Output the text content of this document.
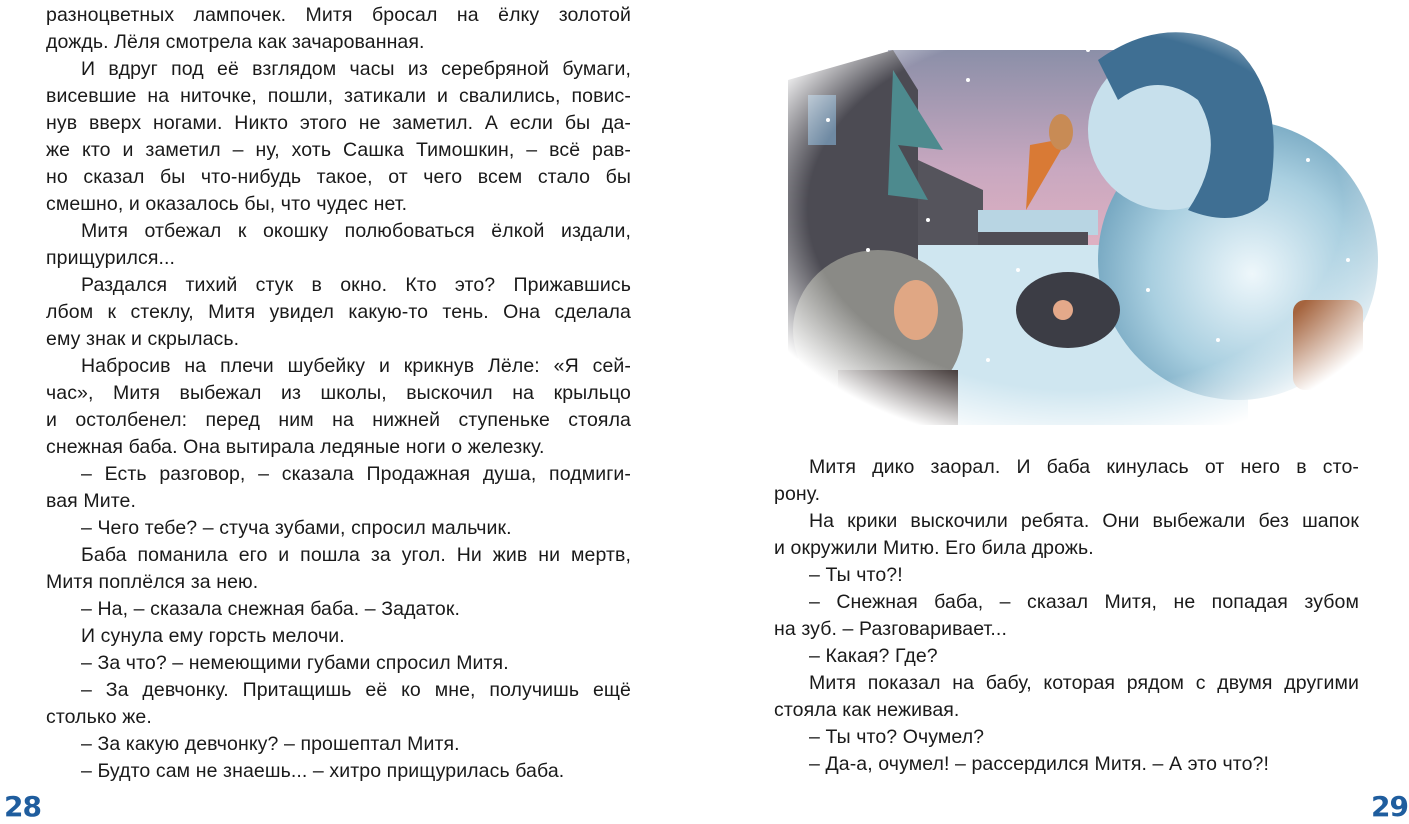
разноцветных лампочек. Митя бросал на ёлку золотой
дождь. Лёля смотрела как зачарованная.
И вдруг под её взглядом часы из серебряной бумаги,
висевшие на ниточке, пошли, затикали и свалились, повис-
нув вверх ногами. Никто этого не заметил. А если бы да-
же кто и заметил – ну, хоть Сашка Тимошкин, – всё рав-
но сказал бы что-нибудь такое, от чего всем стало бы
смешно, и оказалось бы, что чудес нет.
Митя отбежал к окошку полюбоваться ёлкой издали,
прищурился...
Раздался тихий стук в окно. Кто это? Прижавшись
лбом к стеклу, Митя увидел какую-то тень. Она сделала
ему знак и скрылась.
Набросив на плечи шубейку и крикнув Лёле: «Я сей-
час», Митя выбежал из школы, выскочил на крыльцо
и остолбенел: перед ним на нижней ступеньке стояла
снежная баба. Она вытирала ледяные ноги о железку.
– Есть разговор, – сказала Продажная душа, подмиги-
вая Мите.
– Чего тебе? – стуча зубами, спросил мальчик.
Баба поманила его и пошла за угол. Ни жив ни мертв,
Митя поплёлся за нею.
– На, – сказала снежная баба. – Задаток.
И сунула ему горсть мелочи.
– За что? – немеющими губами спросил Митя.
– За девчонку. Притащишь её ко мне, получишь ещё
столько же.
– За какую девчонку? – прошептал Митя.
– Будто сам не знаешь... – хитро прищурилась баба.
28
Митя дико заорал. И баба кинулась от него в сто-
рону.
На крики выскочили ребята. Они выбежали без шапок
и окружили Митю. Его била дрожь.
– Ты что?!
– Снежная баба, – сказал Митя, не попадая зубом
на зуб. – Разговаривает...
– Какая? Где?
Митя показал на бабу, которая рядом с двумя другими
стояла как неживая.
– Ты что? Очумел?
– Да-а, очумел! – рассердился Митя. – А это что?!
29
